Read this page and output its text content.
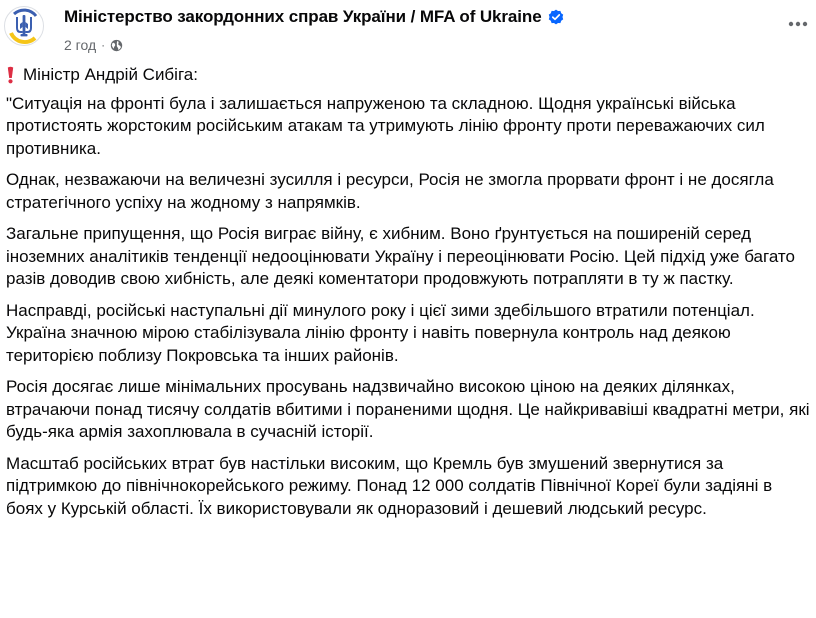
Міністерство закордонних справ України / MFA of Ukraine
2 год ·

Міністр Андрій Сибіга:

"Ситуація на фронті була і залишається напруженою та складною. Щодня українські війська протистоять жорстоким російським атакам та утримують лінію фронту проти переважаючих сил противника.

Однак, незважаючи на величезні зусилля і ресурси, Росія не змогла прорвати фронт і не досягла стратегічного успіху на жодному з напрямків.

Загальне припущення, що Росія виграє війну, є хибним. Воно ґрунтується на поширеній серед іноземних аналітиків тенденції недооцінювати Україну і переоцінювати Росію. Цей підхід уже багато разів доводив свою хибність, але деякі коментатори продовжують потрапляти в ту ж пастку.

Насправді, російські наступальні дії минулого року і цієї зими здебільшого втратили потенціал. Україна значною мірою стабілізувала лінію фронту і навіть повернула контроль над деякою територією поблизу Покровська та інших районів.

Росія досягає лише мінімальних просувань надзвичайно високою ціною на деяких ділянках, втрачаючи понад тисячу солдатів вбитими і пораненими щодня. Це найкривавіші квадратні метри, які будь-яка армія захоплювала в сучасній історії.

Масштаб російських втрат був настільки високим, що Кремль був змушений звернутися за підтримкою до північнокорейського режиму. Понад 12 000 солдатів Північної Кореї були задіяні в боях у Курській області. Їх використовували як одноразовий і дешевий людський ресурс.
